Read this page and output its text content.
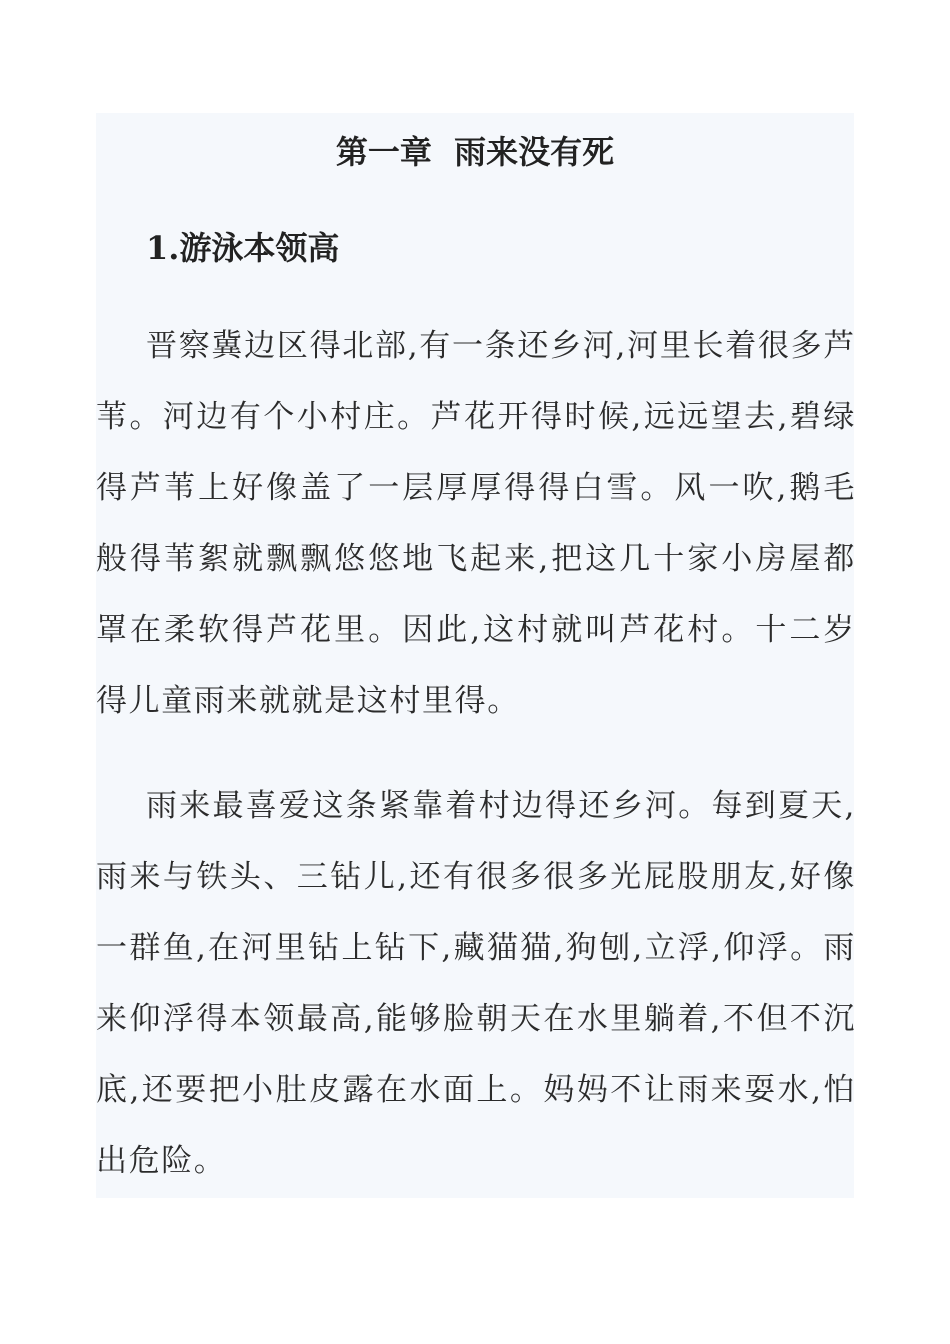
第一章  雨来没有死
1.游泳本领高

晋察冀边区得北部,有一条还乡河,河里长着很多芦苇。河边有个小村庄。芦花开得时候,远远望去,碧绿得芦苇上好像盖了一层厚厚得得白雪。风一吹,鹅毛般得苇絮就飘飘悠悠地飞起来,把这几十家小房屋都罩在柔软得芦花里。因此,这村就叫芦花村。十二岁得儿童雨来就就是这村里得。

雨来最喜爱这条紧靠着村边得还乡河。每到夏天,雨来与铁头、三钻儿,还有很多很多光屁股朋友,好像一群鱼,在河里钻上钻下,藏猫猫,狗刨,立浮,仰浮。雨来仰浮得本领最高,能够脸朝天在水里躺着,不但不沉底,还要把小肚皮露在水面上。妈妈不让雨来耍水,怕出危险。
